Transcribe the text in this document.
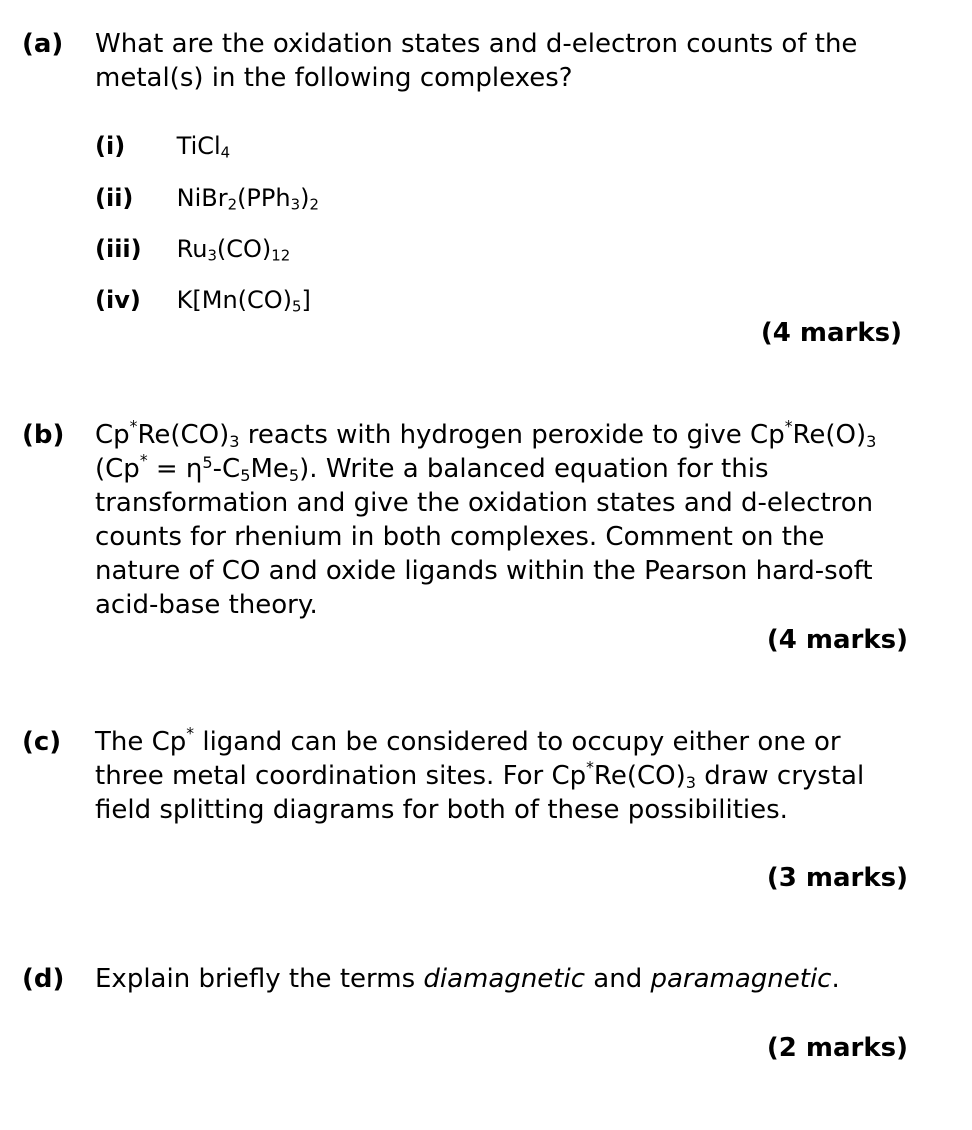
(a) What are the oxidation states and d-electron counts of the
metal(s) in the following complexes?
(i) TiCl$_4$
(ii) $NiBr_2(PPh_3)_2$
(iii) $Ru_3(CO)_{12}$
(iv) $K[Mn(CO)_5]$
(4 marks)
(b) $Cp^*Re(CO)_3$ reacts with hydrogen peroxide to give $Cp^*Re(O)_3$
$(Cp^* = \eta^5-C_5Me_5)$. Write a balanced equation for this
transformation and give the oxidation states and d-electron
counts for rhenium in both complexes. Comment on the
nature of CO and oxide ligands within the Pearson hard-soft
acid-base theory.
(4 marks)
(c) The Cp* ligand can be considered to occupy either one or
three metal coordination sites. For $Cp^*Re(CO)_3$ draw crystal
field splitting diagrams for both of these possibilities.
(3 marks)
(d) Explain briefly the terms diamagnetic and paramagnetic.
(2 marks)
